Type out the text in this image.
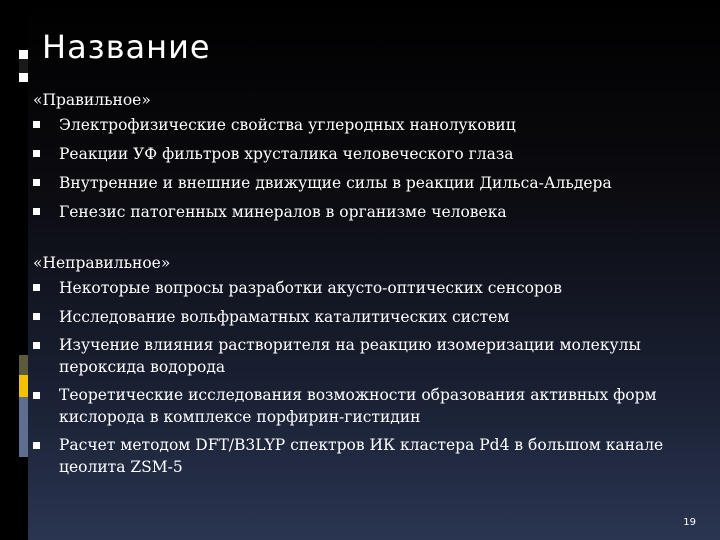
Название

«Правильное»

Электрофизические свойства углеродных нанолуковиц
Реакции УФ фильтров хрусталика человеческого глаза
Внутренние и внешние движущие силы в реакции Дильса-Альдера
Генезис патогенных минералов в организме человека

«Неправильное»

Некоторые вопросы разработки акусто-оптических сенсоров
Исследование вольфраматных каталитических систем
Изучение влияния растворителя на реакцию изомеризации молекулы пероксида водорода
Теоретические исследования возможности образования активных форм кислорода в комплексе порфирин-гистидин
Расчет методом DFT/B3LYP спектров ИК кластера Pd4 в большом канале цеолита ZSM-5
19
